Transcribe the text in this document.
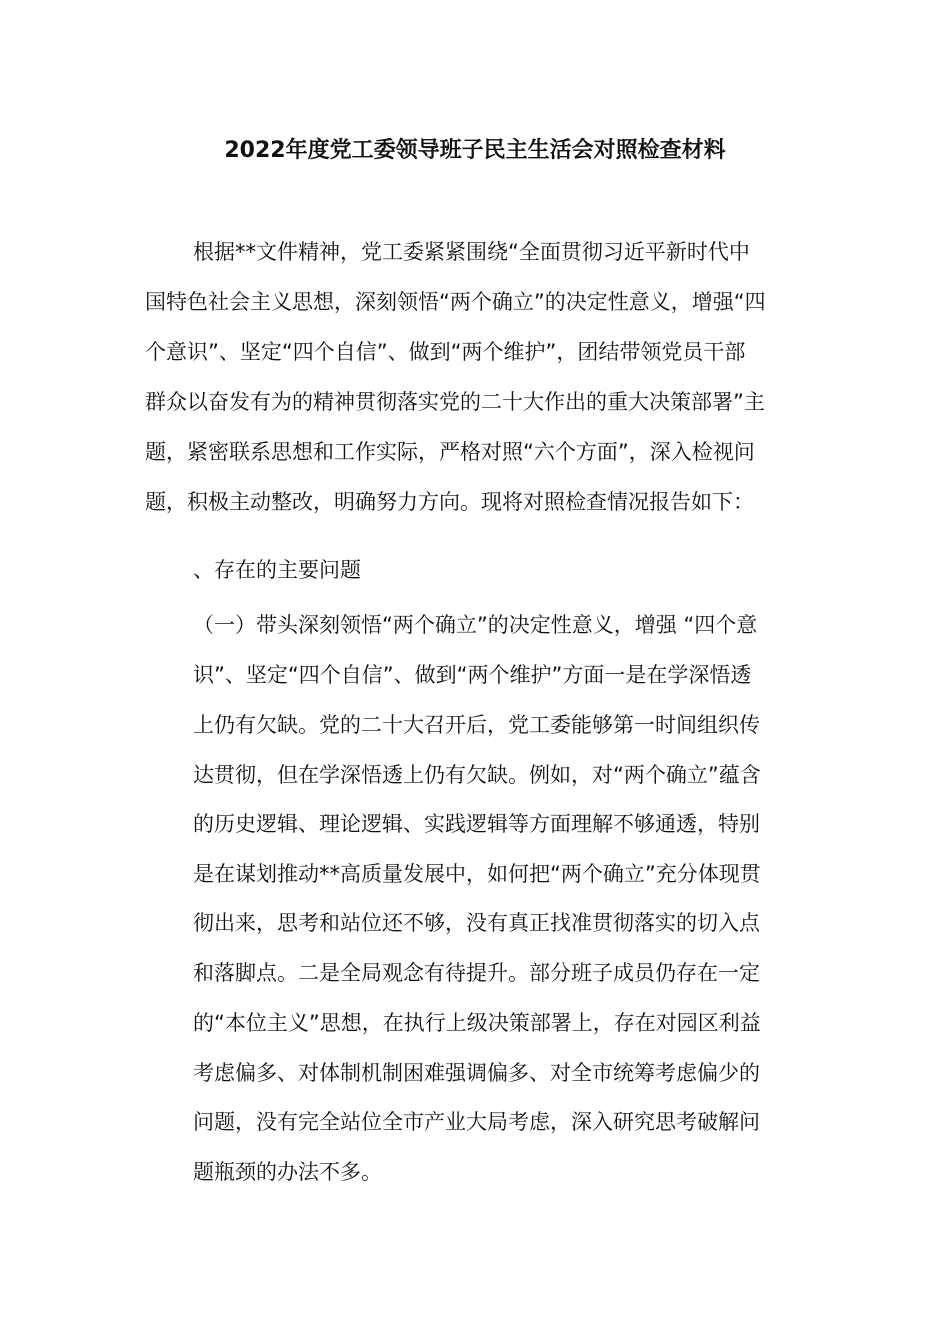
2022年度党工委领导班子民主生活会对照检查材料
根据**文件精神，党工委紧紧围绕“全面贯彻习近平新时代中
国特色社会主义思想，深刻领悟“两个确立”的决定性意义，增强“四
个意识”、坚定“四个自信”、做到“两个维护”，团结带领党员干部
群众以奋发有为的精神贯彻落实党的二十大作出的重大决策部署”主
题，紧密联系思想和工作实际，严格对照“六个方面”，深入检视问
题，积极主动整改，明确努力方向。现将对照检查情况报告如下：
、存在的主要问题
（一）带头深刻领悟“两个确立”的决定性意义，增强 “四个意
识”、坚定“四个自信”、做到“两个维护”方面一是在学深悟透
上仍有欠缺。党的二十大召开后，党工委能够第一时间组织传
达贯彻，但在学深悟透上仍有欠缺。例如，对“两个确立”蕴含
的历史逻辑、理论逻辑、实践逻辑等方面理解不够通透，特别
是在谋划推动**高质量发展中，如何把“两个确立”充分体现贯
彻出来，思考和站位还不够，没有真正找准贯彻落实的切入点
和落脚点。二是全局观念有待提升。部分班子成员仍存在一定
的“本位主义”思想，在执行上级决策部署上，存在对园区利益
考虑偏多、对体制机制困难强调偏多、对全市统筹考虑偏少的
问题，没有完全站位全市产业大局考虑，深入研究思考破解问
题瓶颈的办法不多。
